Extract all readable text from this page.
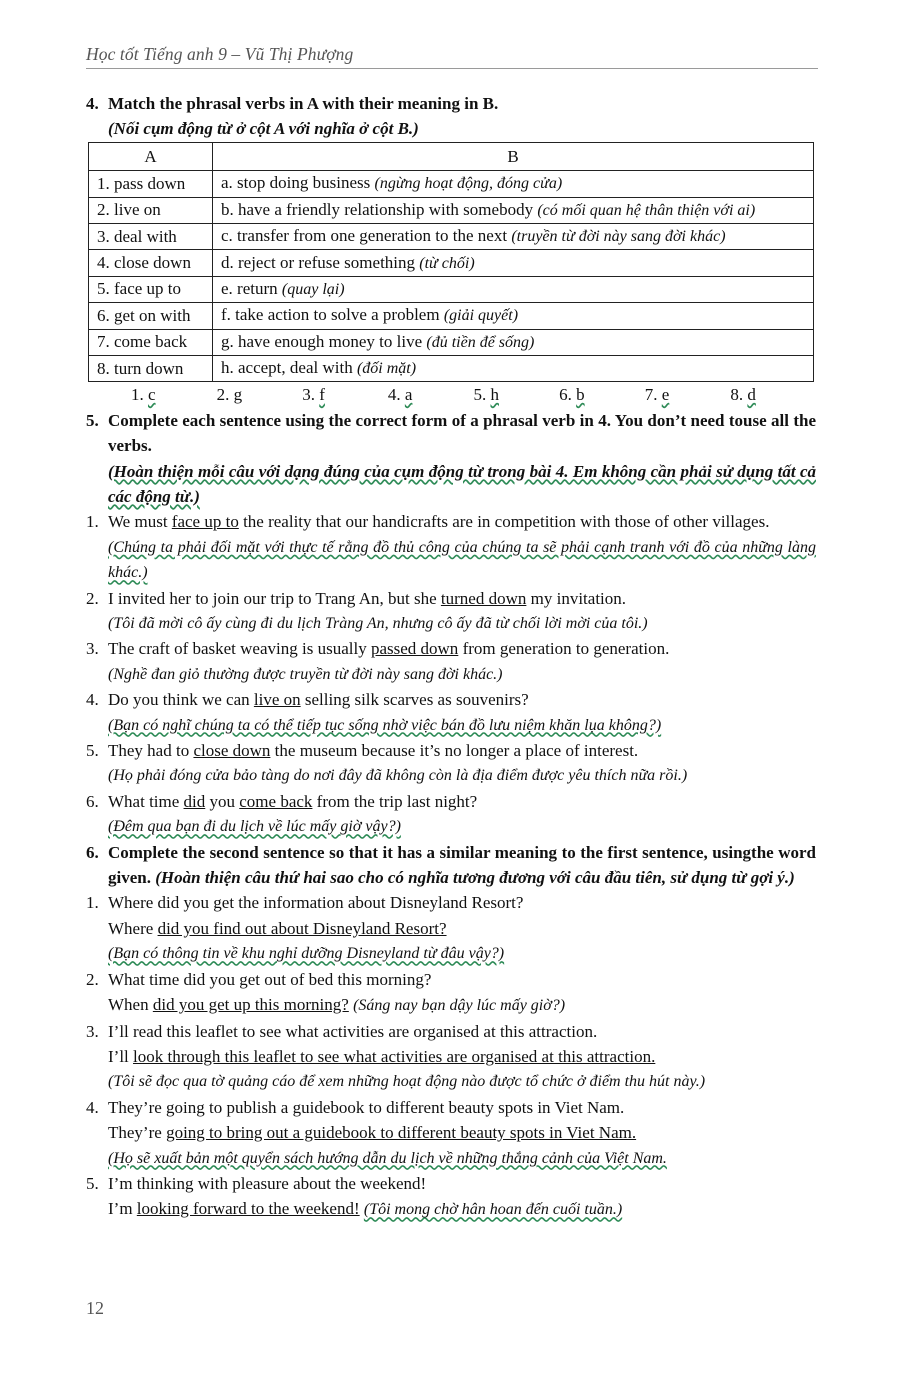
Học tốt Tiếng anh 9 – Vũ Thị Phượng
4. Match the phrasal verbs in A with their meaning in B.
(Nối cụm động từ ở cột A với nghĩa ở cột B.)
A	B
1. pass down	a. stop doing business (ngừng hoạt động, đóng cửa)
2. live on	b. have a friendly relationship with somebody (có mối quan hệ thân thiện với ai)
3. deal with	c. transfer from one generation to the next (truyền từ đời này sang đời khác)
4. close down	d. reject or refuse something (từ chối)
5. face up to	e. return (quay lại)
6. get on with	f. take action to solve a problem (giải quyết)
7. come back	g. have enough money to live (đủ tiền để sống)
8. turn down	h. accept, deal with (đối mặt)
1. c	2. g	3. f	4. a	5. h	6. b	7. e	8. d
5. Complete each sentence using the correct form of a phrasal verb in 4. You don’t need touse all the verbs.
(Hoàn thiện mỗi câu với dạng đúng của cụm động từ trong bài 4. Em không cần phải sử dụng tất cả các động từ.)
1. We must face up to the reality that our handicrafts are in competition with those of other villages.
(Chúng ta phải đối mặt với thực tế rằng đồ thủ công của chúng ta sẽ phải cạnh tranh với đồ của những làng khác.)
2. I invited her to join our trip to Trang An, but she turned down my invitation.
(Tôi đã mời cô ấy cùng đi du lịch Tràng An, nhưng cô ấy đã từ chối lời mời của tôi.)
3. The craft of basket weaving is usually passed down from generation to generation.
(Nghề đan giỏ thường được truyền từ đời này sang đời khác.)
4. Do you think we can live on selling silk scarves as souvenirs?
(Bạn có nghĩ chúng ta có thể tiếp tục sống nhờ việc bán đồ lưu niệm khăn lụa không?)
5. They had to close down the museum because it’s no longer a place of interest.
(Họ phải đóng cửa bảo tàng do nơi đây đã không còn là địa điểm được yêu thích nữa rồi.)
6. What time did you come back from the trip last night?
(Đêm qua bạn đi du lịch về lúc mấy giờ vậy?)
6. Complete the second sentence so that it has a similar meaning to the first sentence, usingthe word given. (Hoàn thiện câu thứ hai sao cho có nghĩa tương đương với câu đầu tiên, sử dụng từ gợi ý.)
1. Where did you get the information about Disneyland Resort?
Where did you find out about Disneyland Resort?
(Bạn có thông tin về khu nghỉ dưỡng Disneyland từ đâu vậy?)
2. What time did you get out of bed this morning?
When did you get up this morning? (Sáng nay bạn dậy lúc mấy giờ?)
3. I’ll read this leaflet to see what activities are organised at this attraction.
I’ll look through this leaflet to see what activities are organised at this attraction.
(Tôi sẽ đọc qua tờ quảng cáo để xem những hoạt động nào được tổ chức ở điểm thu hút này.)
4. They’re going to publish a guidebook to different beauty spots in Viet Nam.
They’re going to bring out a guidebook to different beauty spots in Viet Nam.
(Họ sẽ xuất bản một quyển sách hướng dẫn du lịch về những thắng cảnh của Việt Nam.
5. I’m thinking with pleasure about the weekend!
I’m looking forward to the weekend! (Tôi mong chờ hân hoan đến cuối tuần.)
12
